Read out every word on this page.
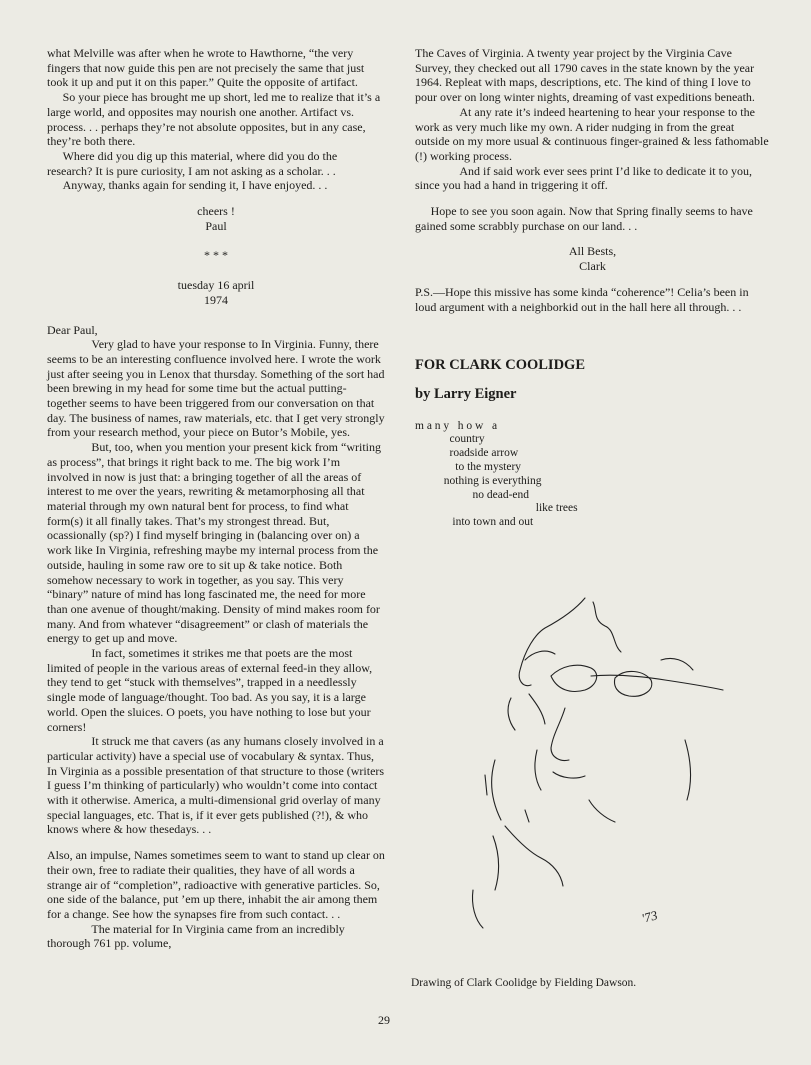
what Melville was after when he wrote to Hawthorne, “the very fingers that now guide this pen are not precisely the same that just took it up and put it on this paper.” Quite the opposite of artifact.

So your piece has brought me up short, led me to realize that it’s a large world, and opposites may nourish one another. Artifact vs. process. . . perhaps they’re not absolute opposites, but in any case, they’re both there.

Where did you dig up this material, where did you do the research? It is pure curiosity, I am not asking as a scholar. . .

Anyway, thanks again for sending it, I have enjoyed. . .

cheers !

Paul

* * *

tuesday 16 april

1974

Dear Paul,

Very glad to have your response to In Virginia. Funny, there seems to be an interesting confluence involved here. I wrote the work just after seeing you in Lenox that thursday. Something of the sort had been brewing in my head for some time but the actual putting-together seems to have been triggered from our conversation on that day. The business of names, raw materials, etc. that I get very strongly from your research method, your piece on Butor’s Mobile, yes.

But, too, when you mention your present kick from “writing as process”, that brings it right back to me. The big work I’m involved in now is just that: a bringing together of all the areas of interest to me over the years, rewriting & metamorphosing all that material through my own natural bent for process, to find what form(s) it all finally takes. That’s my strongest thread. But, ocassionally (sp?) I find myself bringing in (balancing over on) a work like In Virginia, refreshing maybe my internal process from the outside, hauling in some raw ore to sit up & take notice. Both somehow necessary to work in together, as you say. This very “binary” nature of mind has long fascinated me, the need for more than one avenue of thought/making. Density of mind makes room for many. And from whatever “disagreement” or clash of materials the energy to get up and move.

In fact, sometimes it strikes me that poets are the most limited of people in the various areas of external feed-in they allow, they tend to get “stuck with themselves”, trapped in a needlessly single mode of language/thought. Too bad. As you say, it is a large world. Open the sluices. O poets, you have nothing to lose but your corners!

It struck me that cavers (as any humans closely involved in a particular activity) have a special use of vocabulary & syntax. Thus, In Virginia as a possible presentation of that structure to those (writers I guess I’m thinking of particularly) who wouldn’t come into contact with it otherwise. America, a multi-dimensional grid overlay of many special languages, etc. That is, if it ever gets published (?!), & who knows where & how thesedays. . .

Also, an impulse, Names sometimes seem to want to stand up clear on their own, free to radiate their qualities, they have of all words a strange air of “completion”, radioactive with generative particles. So, one side of the balance, put ’em up there, inhabit the air among them for a change. See how the synapses fire from such contact. . .

The material for In Virginia came from an incredibly thorough 761 pp. volume,

The Caves of Virginia. A twenty year project by the Virginia Cave Survey, they checked out all 1790 caves in the state known by the year 1964. Repleat with maps, descriptions, etc. The kind of thing I love to pour over on long winter nights, dreaming of vast expeditions beneath.

At any rate it’s indeed heartening to hear your response to the work as very much like my own. A rider nudging in from the great outside on my more usual & continuous finger-grained & less fathomable (!) working process.

And if said work ever sees print I’d like to dedicate it to you, since you had a hand in triggering it off.

Hope to see you soon again. Now that Spring finally seems to have gained some scrabbly purchase on our land. . .

All Bests,

Clark

P.S.—Hope this missive has some kinda “coherence”! Celia’s been in loud argument with a neighborkid out in the hall here all through. . .

FOR CLARK COOLIDGE
by Larry Eigner

m a n y   h o w   a

country

roadside arrow

to the mystery

nothing is everything

no dead-end

like trees

into town and out

'73
Drawing of Clark Coolidge by Fielding Dawson.
29
